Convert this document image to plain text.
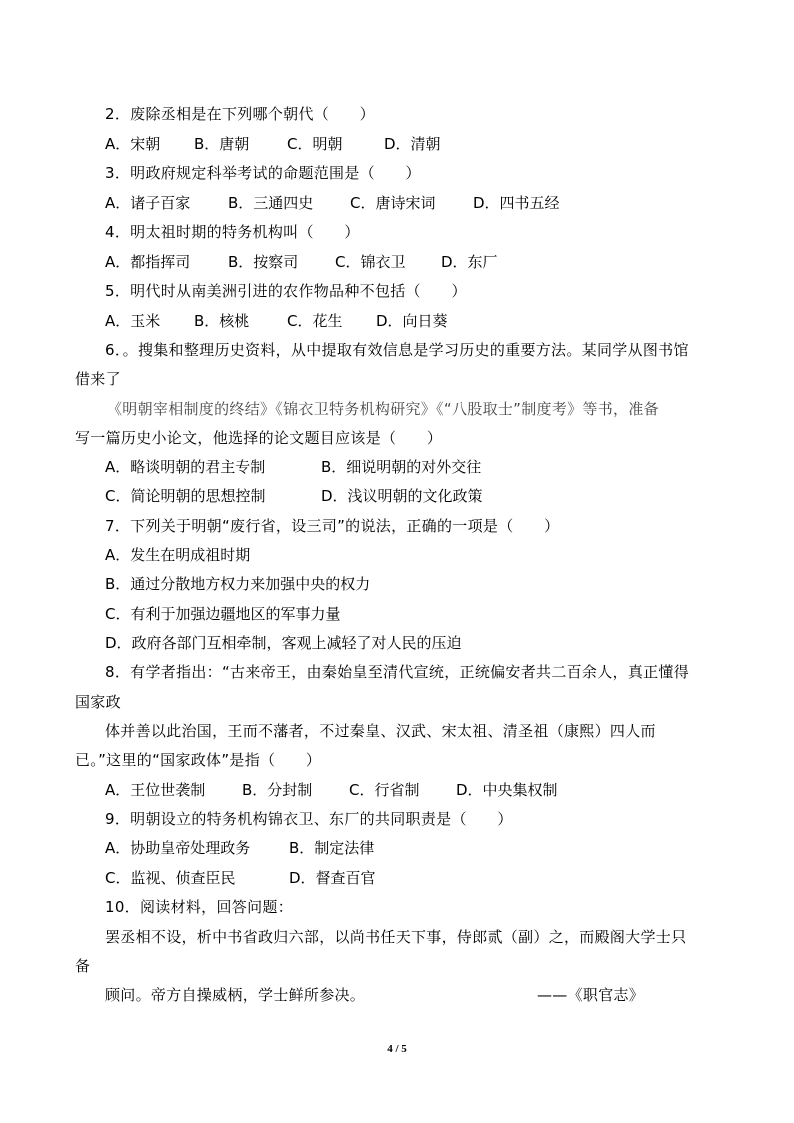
2．废除丞相是在下列哪个朝代（　　）
A．宋朝 B．唐朝	C．明朝	D．清朝
3．明政府规定科举考试的命题范围是（　　）
A．诸子百家	B．三通四史 C．唐诗宋词	D．四书五经
4．明太祖时期的特务机构叫（　　）
A．都指挥司	B．按察司 C．锦衣卫 D．东厂
5．明代时从南美洲引进的农作物品种不包括（　　）
A．玉米 B．核桃	C．花生 D．向日葵
6．。搜集和整理历史资料，从中提取有效信息是学习历史的重要方法。某同学从图书馆
借来了
《明朝宰相制度的终结》《锦衣卫特务机构研究》《“八股取士”制度考》等书，准备
写一篇历史小论文，他选择的论文题目应该是（　　）
A．略谈明朝的君主专制	B．细说明朝的对外交往
C．简论明朝的思想控制	D．浅议明朝的文化政策
7．下列关于明朝“废行省，设三司”的说法，正确的一项是（　　）
A．发生在明成祖时期
B．通过分散地方权力来加强中央的权力
C．有利于加强边疆地区的军事力量
D．政府各部门互相牵制，客观上减轻了对人民的压迫
8．有学者指出：“古来帝王，由秦始皇至清代宣统，正统偏安者共二百余人，真正懂得
国家政
体并善以此治国，王而不藩者，不过秦皇、汉武、宋太祖、清圣祖（康熙）四人而
已。”这里的“国家政体”是指（　　）
A．王位世袭制 B．分封制 C．行省制 D．中央集权制
9．明朝设立的特务机构锦衣卫、东厂的共同职责是（　　）
A．协助皇帝处理政务	B．制定法律
C．监视、侦查臣民	D．督查百官
10．阅读材料，回答问题：
罢丞相不设，析中书省政归六部，以尚书任天下事，侍郎贰（副）之，而殿阁大学士只
备
顾问。帝方自操威柄，学士鲜所参决。	——《职官志》
4 / 5
